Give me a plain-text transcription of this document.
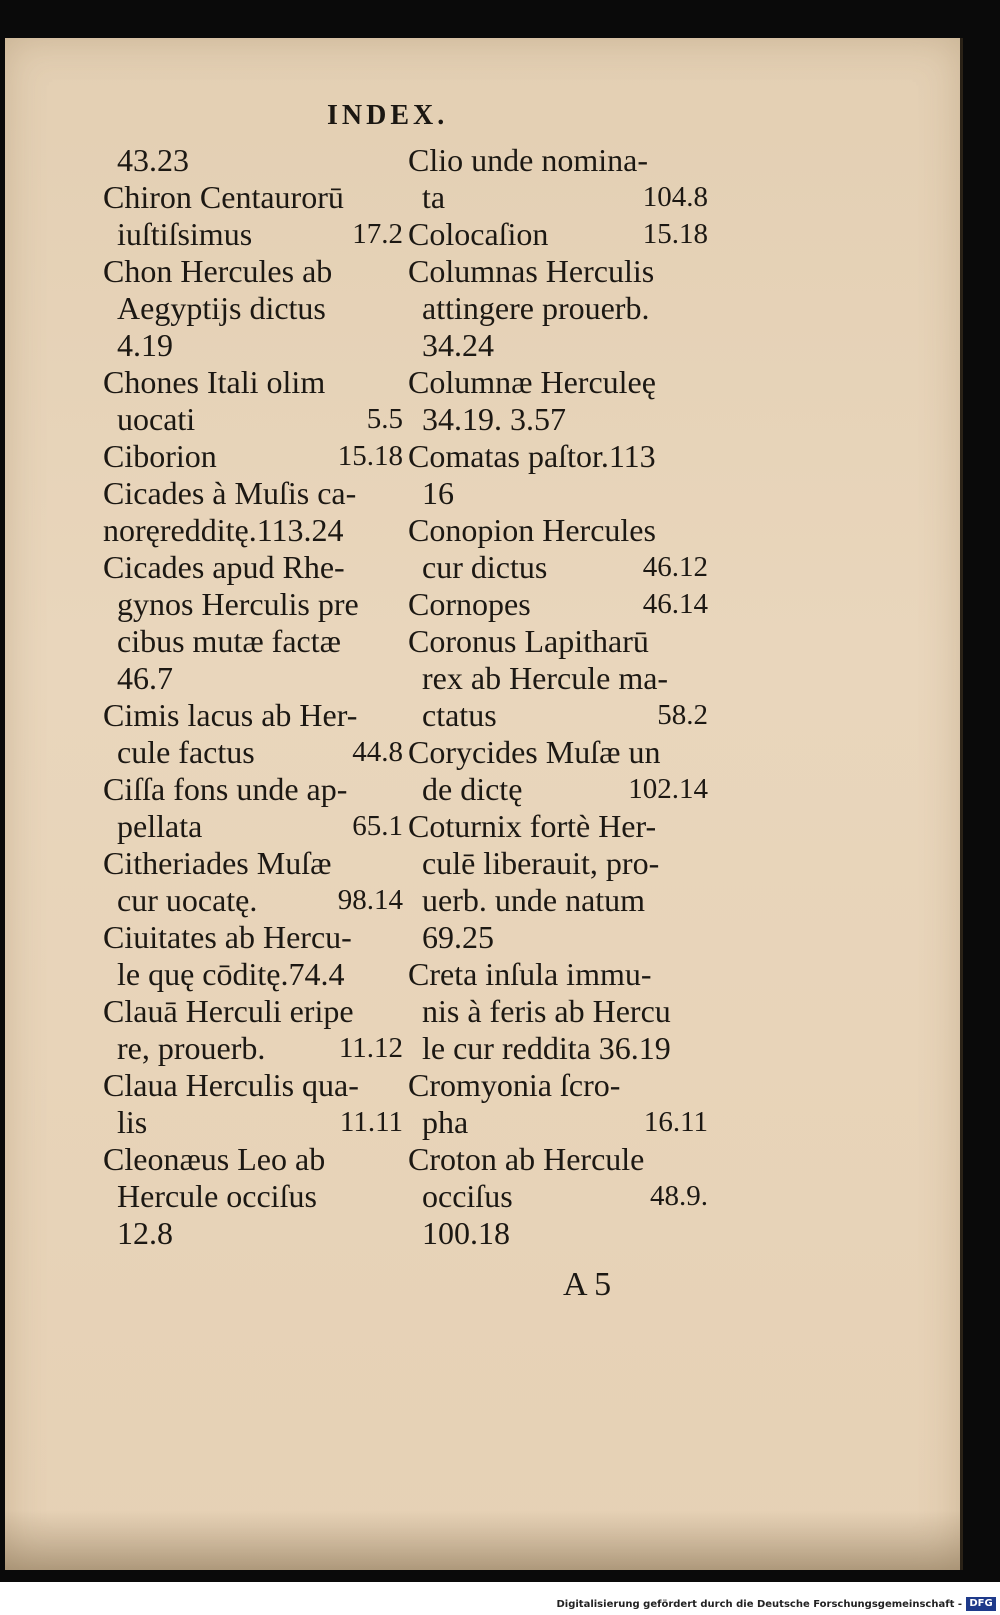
INDEX.
43.23
Chiron Centaurorū
iuſtiſsimus	17.2
Chon Hercules ab
Aegyptijs dictus
4.19
Chones Itali olim
uocati	5.5
Ciborion	15.18
Cicades à Muſis ca-
noręredditę.113.24
Cicades apud Rhe-
gynos Herculis pre
cibus mutæ factæ
46.7
Cimis lacus ab Her-
cule factus	44.8
Ciſſa fons unde ap-
pellata	65.1
Citheriades Muſæ
cur uocatę.	98.14
Ciuitates ab Hercu-
le quę cōditę.74.4
Clauā Herculi eripe
re, prouerb.	11.12
Claua Herculis qua-
lis	11.11
Cleonæus Leo ab
Hercule occiſus
12.8
Clio unde nomina-
ta	104.8
Colocaſion	15.18
Columnas Herculis
attingere prouerb.
34.24
Columnæ Herculeę
34.19. 3.57
Comatas paſtor.113
16
Conopion Hercules
cur dictus	46.12
Cornopes	46.14
Coronus Lapitharū
rex ab Hercule ma-
ctatus	58.2
Corycides Muſæ un
de dictę	102.14
Coturnix fortè Her-
culē liberauit, pro-
uerb. unde natum
69.25
Creta inſula immu-
nis à feris ab Hercu
le cur reddita 36.19
Cromyonia ſcro-
pha	16.11
Croton ab Hercule
occiſus	48.9.
100.18
A 5
Digitalisierung gefördert durch die Deutsche Forschungsgemeinschaft - DFG
